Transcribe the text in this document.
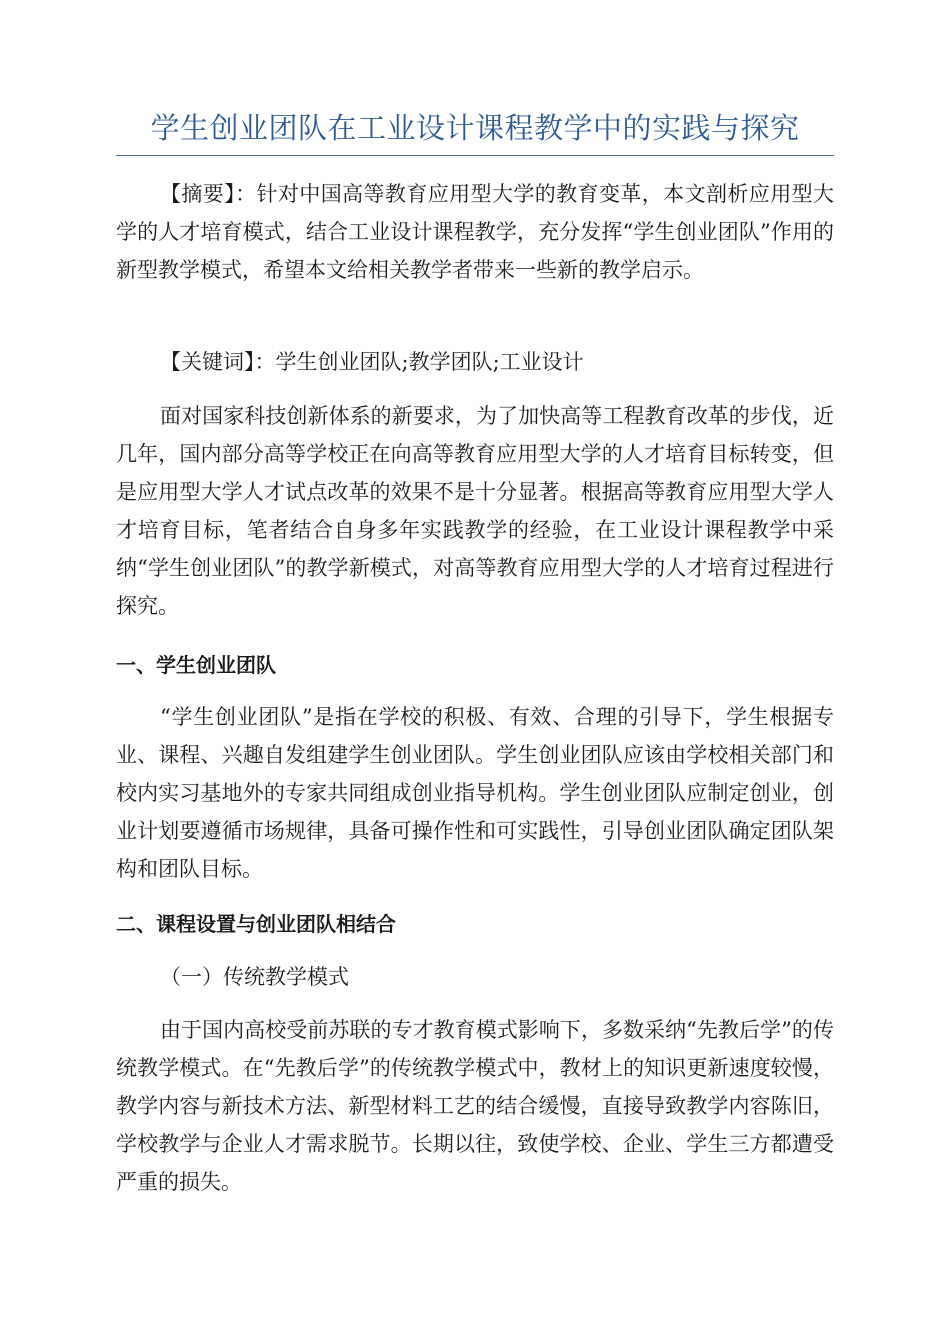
学生创业团队在工业设计课程教学中的实践与探究
【摘要】：针对中国高等教育应用型大学的教育变革，本文剖析应用型大学的人才培育模式，结合工业设计课程教学，充分发挥“学生创业团队”作用的新型教学模式，希望本文给相关教学者带来一些新的教学启示。
【关键词】：学生创业团队;教学团队;工业设计
面对国家科技创新体系的新要求，为了加快高等工程教育改革的步伐，近几年，国内部分高等学校正在向高等教育应用型大学的人才培育目标转变，但是应用型大学人才试点改革的效果不是十分显著。根据高等教育应用型大学人才培育目标，笔者结合自身多年实践教学的经验，在工业设计课程教学中采纳“学生创业团队”的教学新模式，对高等教育应用型大学的人才培育过程进行探究。
一、学生创业团队
“学生创业团队”是指在学校的积极、有效、合理的引导下，学生根据专业、课程、兴趣自发组建学生创业团队。学生创业团队应该由学校相关部门和校内实习基地外的专家共同组成创业指导机构。学生创业团队应制定创业，创业计划要遵循市场规律，具备可操作性和可实践性，引导创业团队确定团队架构和团队目标。
二、课程设置与创业团队相结合
（一）传统教学模式
由于国内高校受前苏联的专才教育模式影响下，多数采纳“先教后学”的传统教学模式。在“先教后学”的传统教学模式中，教材上的知识更新速度较慢，教学内容与新技术方法、新型材料工艺的结合缓慢，直接导致教学内容陈旧，学校教学与企业人才需求脱节。长期以往，致使学校、企业、学生三方都遭受严重的损失。
